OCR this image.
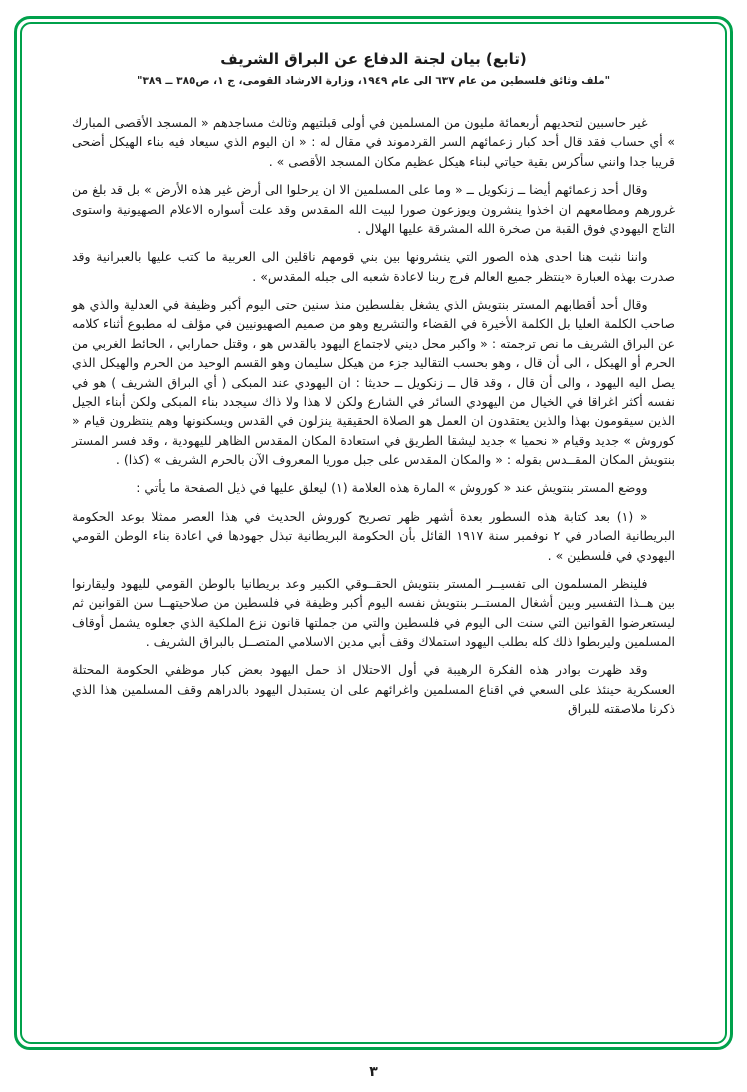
(تابع) بيان لجنة الدفاع عن البراق الشريف

"ملف وثائق فلسطين من عام ٦٣٧ الى عام ١٩٤٩، وزارة الارشاد القومى، ج ١، ص٣٨٥ ــ ٣٨٩"

غير حاسبين لتحديهم أربعمائة مليون من المسلمين في أولى قبلتيهم وثالث مساجدهم « المسجد الأقصى المبارك » أي حساب فقد قال أحد كبار زعمائهم السر القردموند في مقال له : « ان اليوم الذي سيعاد فيه بناء الهيكل أضحى قريبا جدا وانني سأكرس بقية حياتي لبناء هيكل عظيم مكان المسجد الأقصى » .

وقال أحد زعمائهم أيضا ــ زنكويل ــ « وما على المسلمين الا ان يرحلوا الى أرض غير هذه الأرض » بل قد بلغ من غرورهم ومطامعهم ان اخذوا ينشرون ويوزعون صورا لبيت الله المقدس وقد علت أسواره الاعلام الصهيونية واستوى التاج اليهودي فوق القبة من صخرة الله المشرقة عليها الهلال .

واننا نثبت هنا احدى هذه الصور التي ينشرونها بين بني قومهم ناقلين الى العربية ما كتب عليها بالعبرانية وقد صدرت بهذه العبارة «ينتظر جميع العالم فرج ربنا لاعادة شعبه الى جبله المقدس» .

وقال أحد أقطابهم المستر بنتويش الذي يشغل بفلسطين منذ سنين حتى اليوم أكبر وظيفة في العدلية والذي هو صاحب الكلمة العليا بل الكلمة الأخيرة في القضاء والتشريع وهو من صميم الصهيونيين في مؤلف له مطبوع أثناء كلامه عن البراق الشريف ما نص ترجمته : « واكبر محل ديني لاجتماع اليهود بالقدس هو ، وقتل حمارابي ، الحائط الغربي من الحرم أو الهيكل ، الى أن قال ، وهو بحسب التقاليد جزء من هيكل سليمان وهو القسم الوحيد من الحرم والهيكل الذي يصل اليه اليهود ، والى أن قال ، وقد قال ــ زنكويل ــ حديثا : ان اليهودي عند المبكى ( أي البراق الشريف ) هو في نفسه أكثر اغراقا في الخيال من اليهودي السائر في الشارع ولكن لا هذا ولا ذاك سيجدد بناء المبكى ولكن أبناء الجيل الذين سيقومون بهذا والذين يعتقدون ان العمل هو الصلاة الحقيقية ينزلون في القدس ويسكنونها وهم ينتظرون قيام « كوروش » جديد وقيام « نحميا » جديد ليشقا الطريق في استعادة المكان المقدس الظاهر لليهودية ، وقد فسر المستر بنتويش المكان المقــدس بقوله : « والمكان المقدس على جبل موريا المعروف الآن بالحرم الشريف » (كذا) .

ووضع المستر بنتويش عند « كوروش » المارة هذه العلامة (١) ليعلق عليها في ذيل الصفحة ما يأتي :

« (١) بعد كتابة هذه السطور بعدة أشهر ظهر تصريح كوروش الحديث في هذا العصر ممثلا بوعد الحكومة البريطانية الصادر في ٢ نوفمبر سنة ١٩١٧ القائل بأن الحكومة البريطانية تبذل جهودها في اعادة بناء الوطن القومي اليهودي في فلسطين » .

فلينظر المسلمون الى تفسيــر المستر بنتويش الحقــوقي الكبير وعد بريطانيا بالوطن القومي لليهود وليقارنوا بين هــذا التفسير وبين أشغال المستــر بنتويش نفسه اليوم أكبر وظيفة في فلسطين من صلاحيتهــا سن القوانين ثم ليستعرضوا القوانين التي سنت الى اليوم في فلسطين والتي من جملتها قانون نزع الملكية الذي جعلوه يشمل أوقاف المسلمين وليربطوا ذلك كله بطلب اليهود استملاك وقف أبي مدين الاسلامي المتصــل بالبراق الشريف .

وقد ظهرت بوادر هذه الفكرة الرهيبة في أول الاحتلال اذ حمل اليهود بعض كبار موظفي الحكومة المحتلة العسكرية حينئذ على السعي في اقناع المسلمين واغرائهم على ان يستبدل اليهود بالدراهم وقف المسلمين هذا الذي ذكرنا ملاصقته للبراق

٣
